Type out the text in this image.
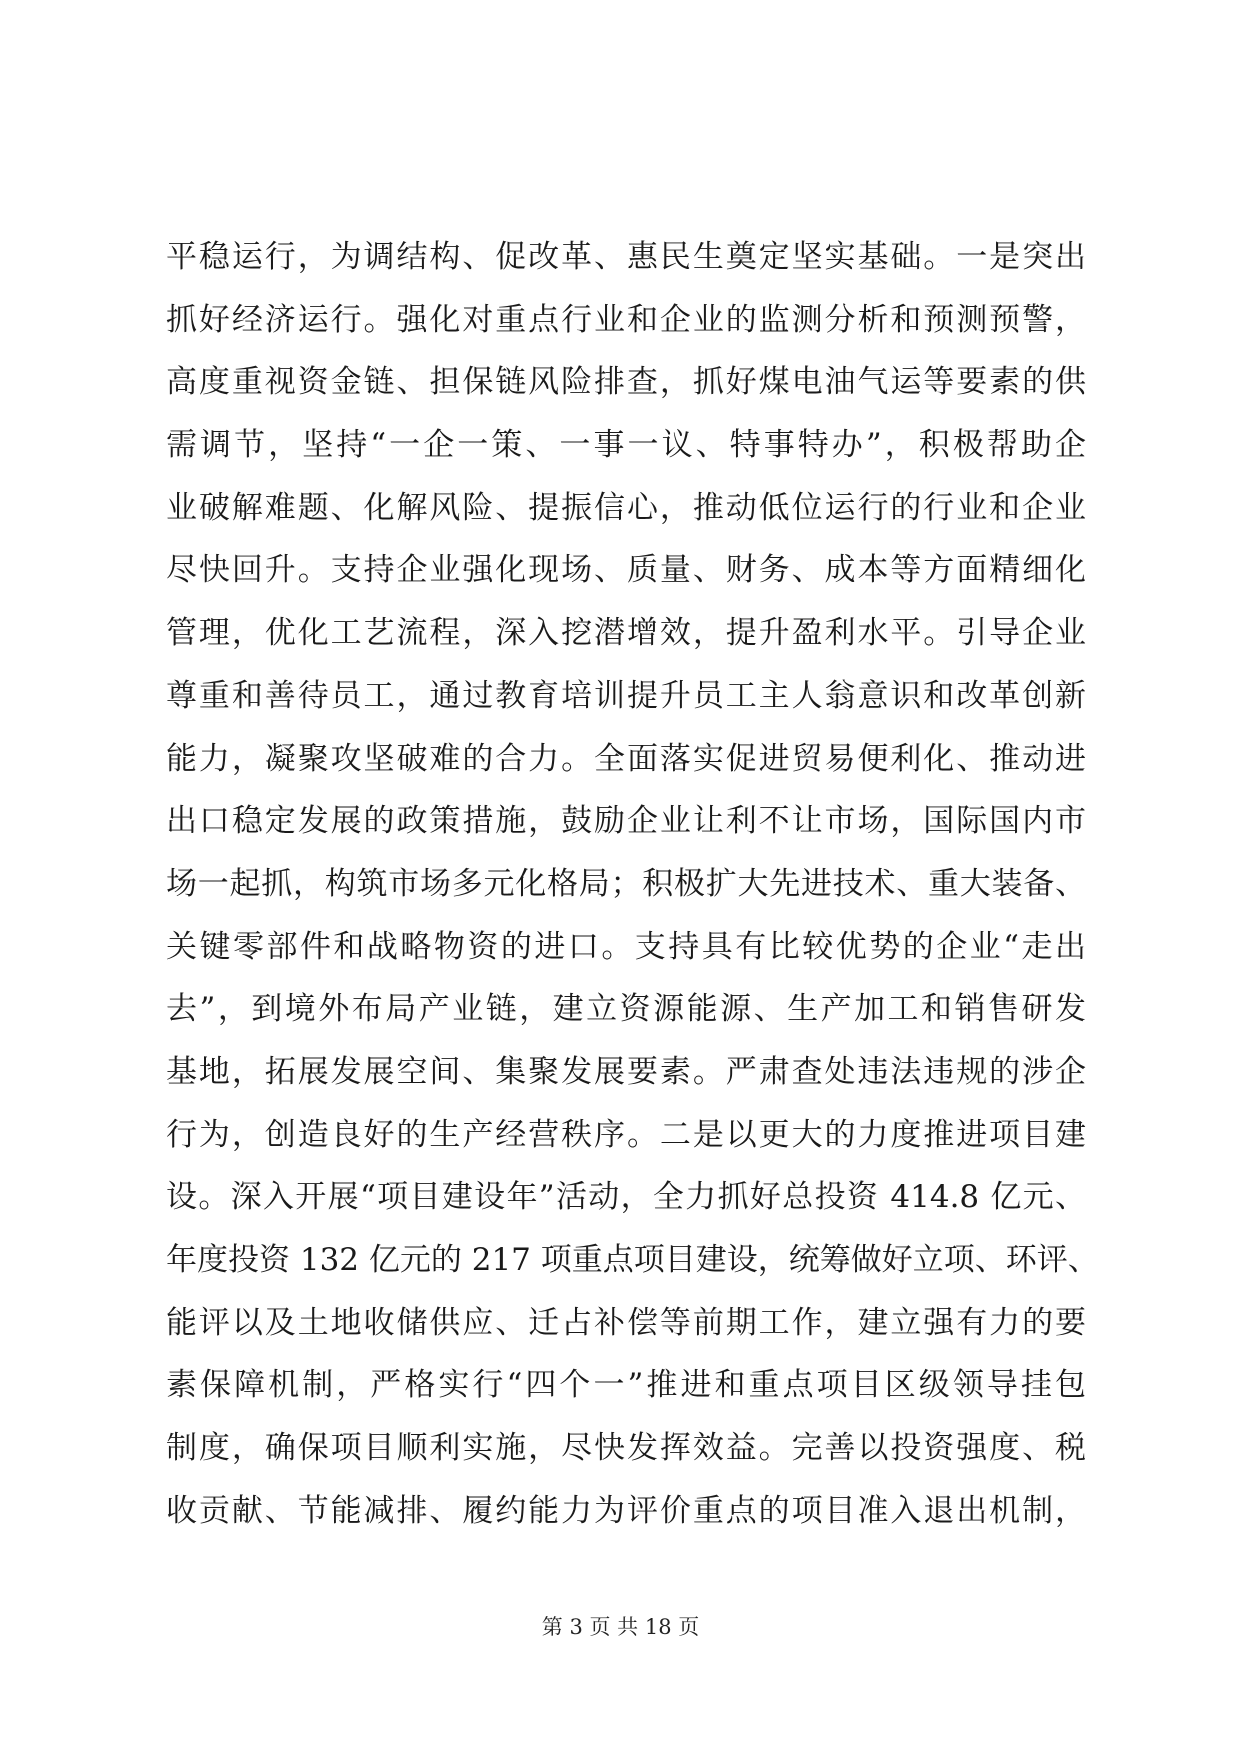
平稳运行，为调结构、促改革、惠民生奠定坚实基础。一是突出
抓好经济运行。强化对重点行业和企业的监测分析和预测预警，
高度重视资金链、担保链风险排查，抓好煤电油气运等要素的供
需调节，坚持“一企一策、一事一议、特事特办”，积极帮助企
业破解难题、化解风险、提振信心，推动低位运行的行业和企业
尽快回升。支持企业强化现场、质量、财务、成本等方面精细化
管理，优化工艺流程，深入挖潜增效，提升盈利水平。引导企业
尊重和善待员工，通过教育培训提升员工主人翁意识和改革创新
能力，凝聚攻坚破难的合力。全面落实促进贸易便利化、推动进
出口稳定发展的政策措施，鼓励企业让利不让市场，国际国内市
场一起抓，构筑市场多元化格局；积极扩大先进技术、重大装备、
关键零部件和战略物资的进口。支持具有比较优势的企业“走出
去”，到境外布局产业链，建立资源能源、生产加工和销售研发
基地，拓展发展空间、集聚发展要素。严肃查处违法违规的涉企
行为，创造良好的生产经营秩序。二是以更大的力度推进项目建
设。深入开展“项目建设年”活动，全力抓好总投资 414.8 亿元、
年度投资 132 亿元的 217 项重点项目建设，统筹做好立项、环评、
能评以及土地收储供应、迁占补偿等前期工作，建立强有力的要
素保障机制，严格实行“四个一”推进和重点项目区级领导挂包
制度，确保项目顺利实施，尽快发挥效益。完善以投资强度、税
收贡献、节能减排、履约能力为评价重点的项目准入退出机制，
第 3 页 共 18 页
